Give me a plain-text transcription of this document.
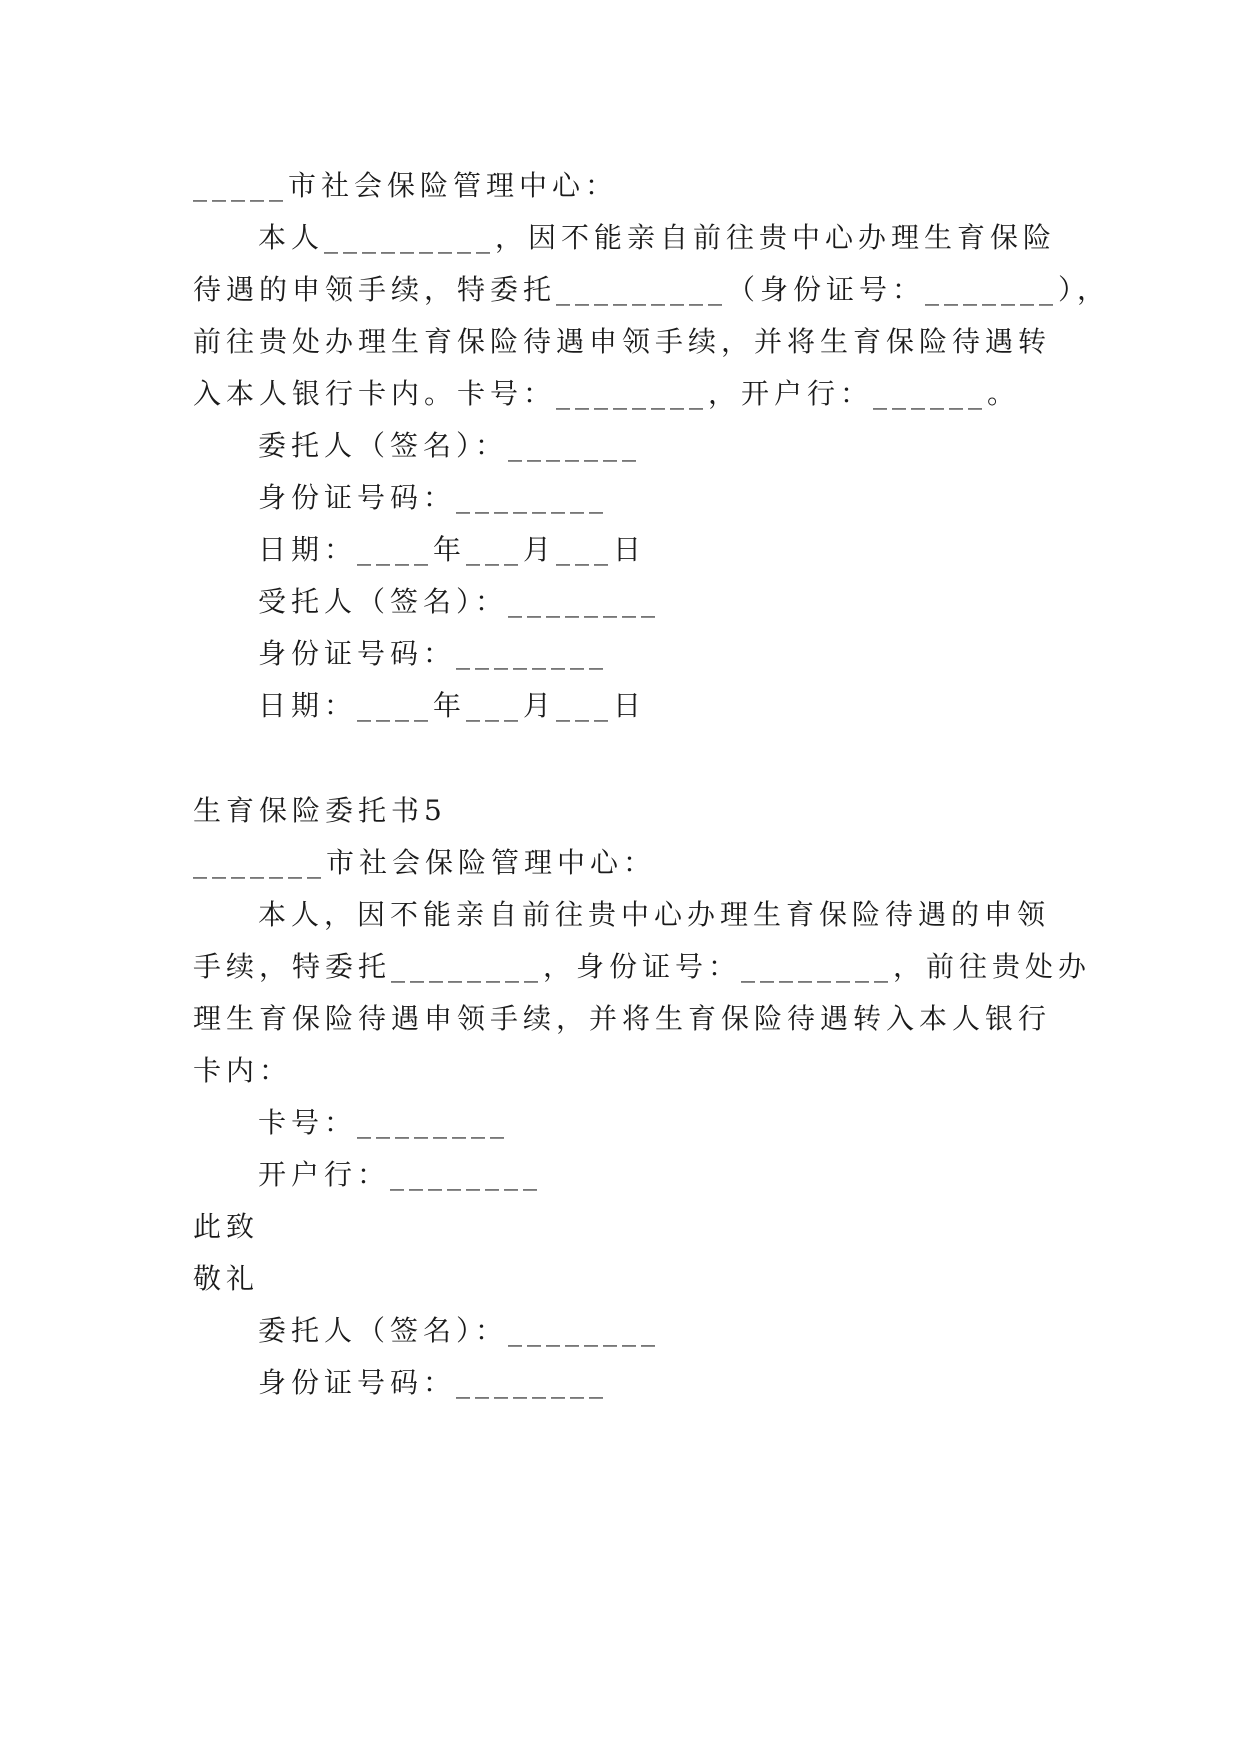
_____市社会保险管理中心：
本人_________，因不能亲自前往贵中心办理生育保险
待遇的申领手续，特委托_________（身份证号：_______），
前往贵处办理生育保险待遇申领手续，并将生育保险待遇转
入本人银行卡内。卡号：________，开户行：______。
委托人（签名）：_______
身份证号码：________
日期：____年___月___日
受托人（签名）：________
身份证号码：________
日期：____年___月___日
生育保险委托书5
_______市社会保险管理中心：
本人，因不能亲自前往贵中心办理生育保险待遇的申领
手续，特委托________，身份证号：________，前往贵处办
理生育保险待遇申领手续，并将生育保险待遇转入本人银行
卡内：
卡号：________
开户行：________
此致
敬礼
委托人（签名）：________
身份证号码：________
